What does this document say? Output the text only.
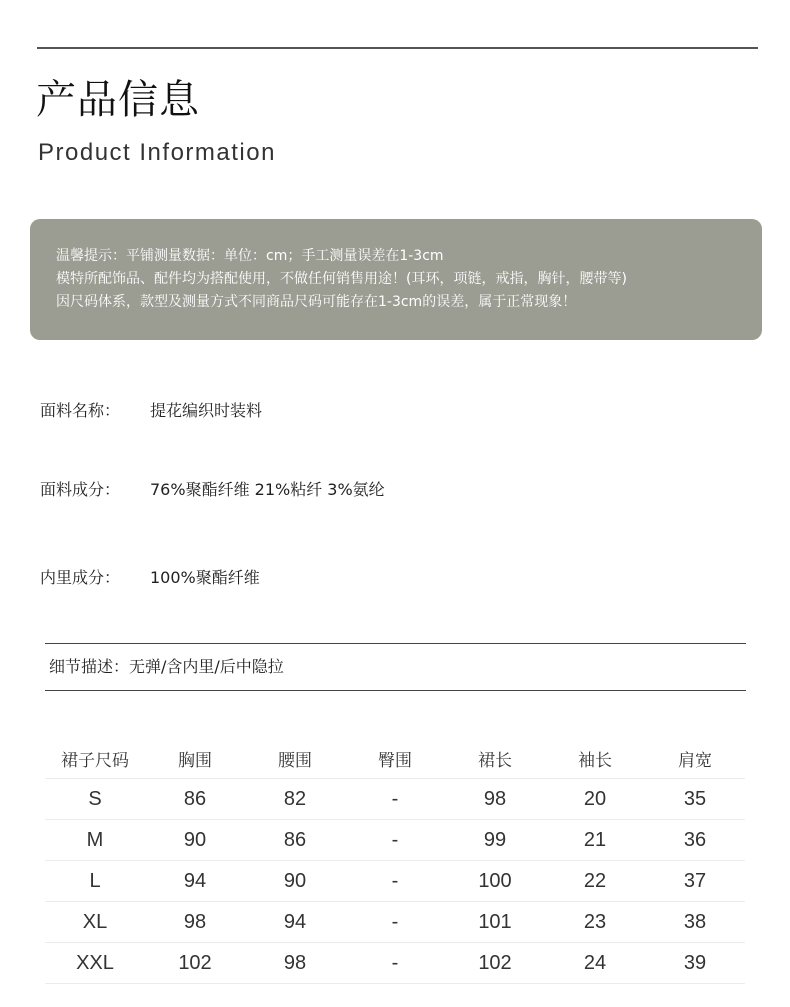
产品信息
Product Information
温馨提示：平铺测量数据：单位：cm；手工测量误差在1-3cm
模特所配饰品、配件均为搭配使用，不做任何销售用途！(耳环，项链，戒指，胸针，腰带等)
因尺码体系，款型及测量方式不同商品尺码可能存在1-3cm的误差，属于正常现象！
面料名称： 提花编织时装料
面料成分： 76%聚酯纤维 21%粘纤 3%氨纶
内里成分： 100%聚酯纤维
细节描述：无弹/含内里/后中隐拉
裙子尺码	胸围	腰围	臀围	裙长	袖长	肩宽
S	86	82	-	98	20	35
M	90	86	-	99	21	36
L	94	90	-	100	22	37
XL	98	94	-	101	23	38
XXL	102	98	-	102	24	39
